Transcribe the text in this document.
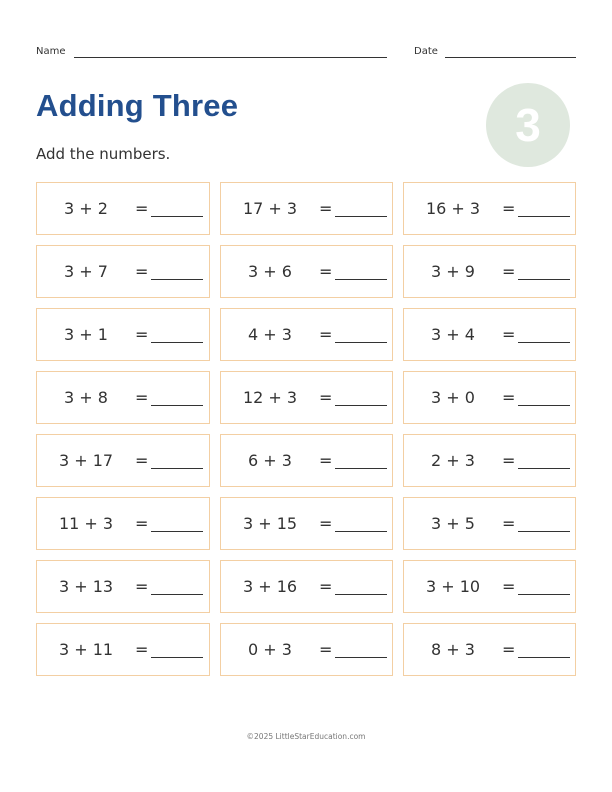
Name	Date
Adding Three	3
Add the numbers.
3 + 2	=	17 + 3	=	16 + 3	=
3 + 7	=	3 + 6	=	3 + 9	=
3 + 1	=	4 + 3	=	3 + 4	=
3 + 8	=	12 + 3	=	3 + 0	=
3 + 17	=	6 + 3	=	2 + 3	=
11 + 3	=	3 + 15	=	3 + 5	=
3 + 13	=	3 + 16	=	3 + 10	=
3 + 11	=	0 + 3	=	8 + 3	=
©2025 LittleStarEducation.com
